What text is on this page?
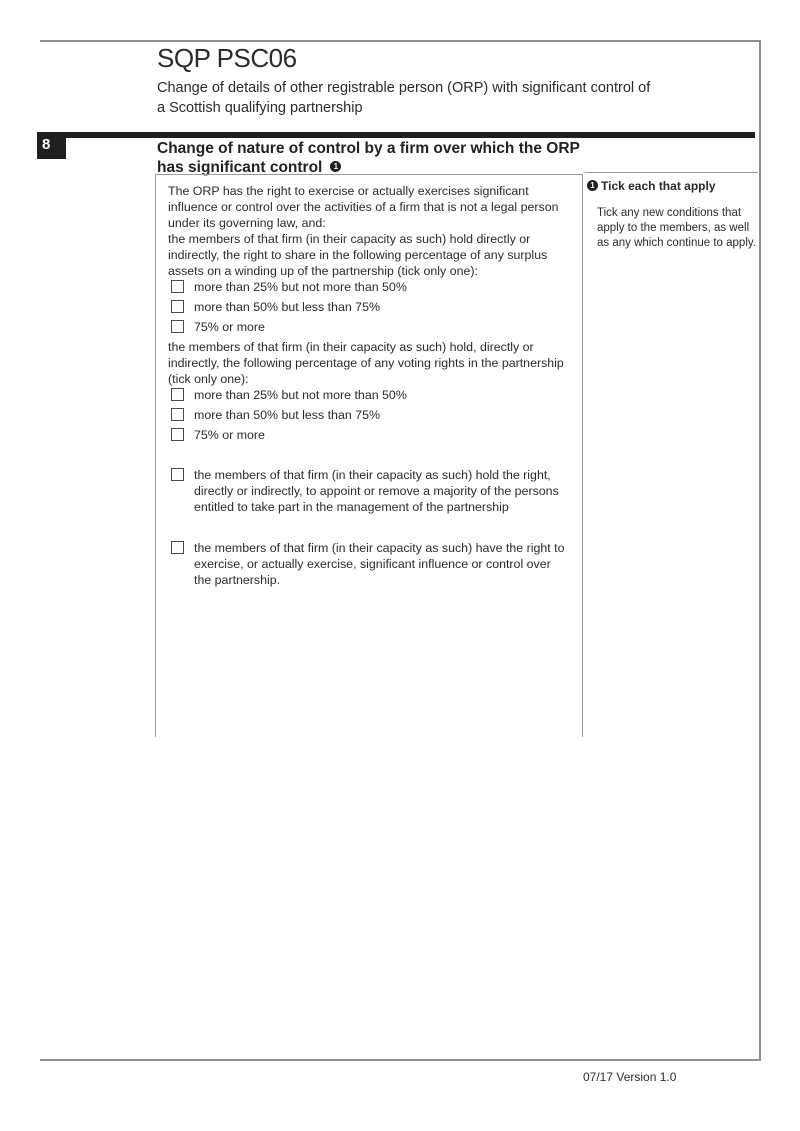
SQP PSC06
Change of details of other registrable person (ORP) with significant control of
a Scottish qualifying partnership
8	Change of nature of control by a firm over which the ORP
has significant control 1

The ORP has the right to exercise or actually exercises significant influence or control over the activities of a firm that is not a legal person under its governing law, and:

the members of that firm (in their capacity as such) hold directly or indirectly, the right to share in the following percentage of any surplus assets on a winding up of the partnership (tick only one):

more than 25% but not more than 50%
more than 50% but less than 75%
75% or more

the members of that firm (in their capacity as such) hold, directly or indirectly, the following percentage of any voting rights in the partnership (tick only one):

more than 25% but not more than 50%
more than 50% but less than 75%
75% or more
the members of that firm (in their capacity as such) hold the right, directly or indirectly, to appoint or remove a majority of the persons entitled to take part in the management of the partnership
the members of that firm (in their capacity as such) have the right to exercise, or actually exercise, significant influence or control over the partnership.
1 Tick each that apply
Tick any new conditions that apply to the members, as well as any which continue to apply.
07/17 Version 1.0
